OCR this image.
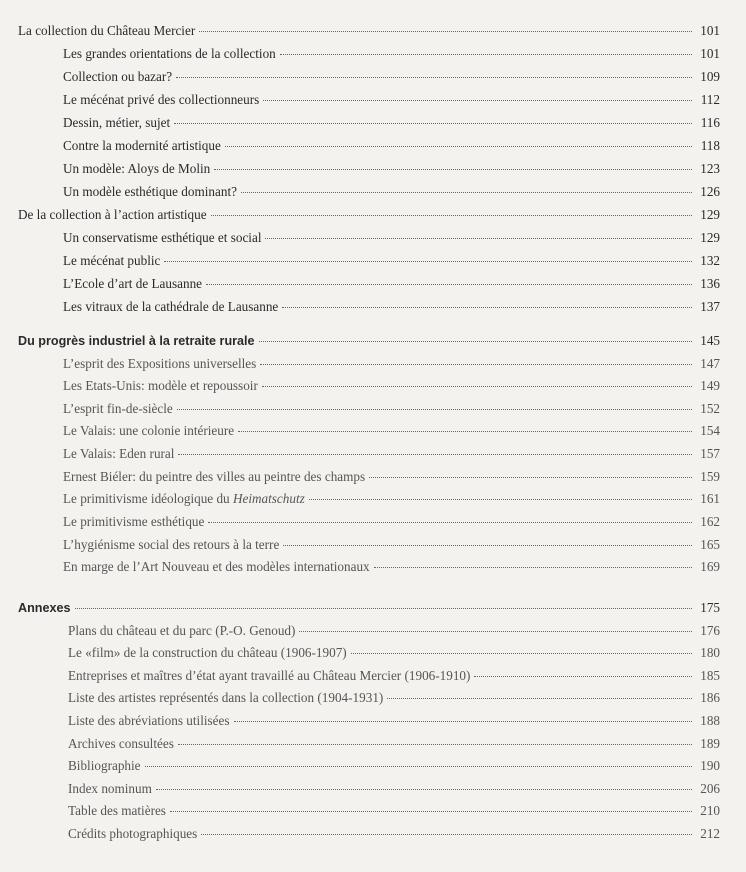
La collection du Château Mercier	101
Les grandes orientations de la collection	101
Collection ou bazar?	109
Le mécénat privé des collectionneurs	112
Dessin, métier, sujet	116
Contre la modernité artistique	118
Un modèle: Aloys de Molin	123
Un modèle esthétique dominant?	126
De la collection à l’action artistique	129
Un conservatisme esthétique et social	129
Le mécénat public	132
L’Ecole d’art de Lausanne	136
Les vitraux de la cathédrale de Lausanne	137
Du progrès industriel à la retraite rurale	145
L’esprit des Expositions universelles	147
Les Etats-Unis: modèle et repoussoir	149
L’esprit fin-de-siècle	152
Le Valais: une colonie intérieure	154
Le Valais: Eden rural	157
Ernest Biéler: du peintre des villes au peintre des champs	159
Le primitivisme idéologique du Heimatschutz	161
Le primitivisme esthétique	162
L’hygiénisme social des retours à la terre	165
En marge de l’Art Nouveau et des modèles internationaux	169
Annexes	175
Plans du château et du parc (P.-O. Genoud)	176
Le «film» de la construction du château (1906-1907)	180
Entreprises et maîtres d’état ayant travaillé au Château Mercier (1906-1910)	185
Liste des artistes représentés dans la collection (1904-1931)	186
Liste des abréviations utilisées	188
Archives consultées	189
Bibliographie	190
Index nominum	206
Table des matières	210
Crédits photographiques	212
